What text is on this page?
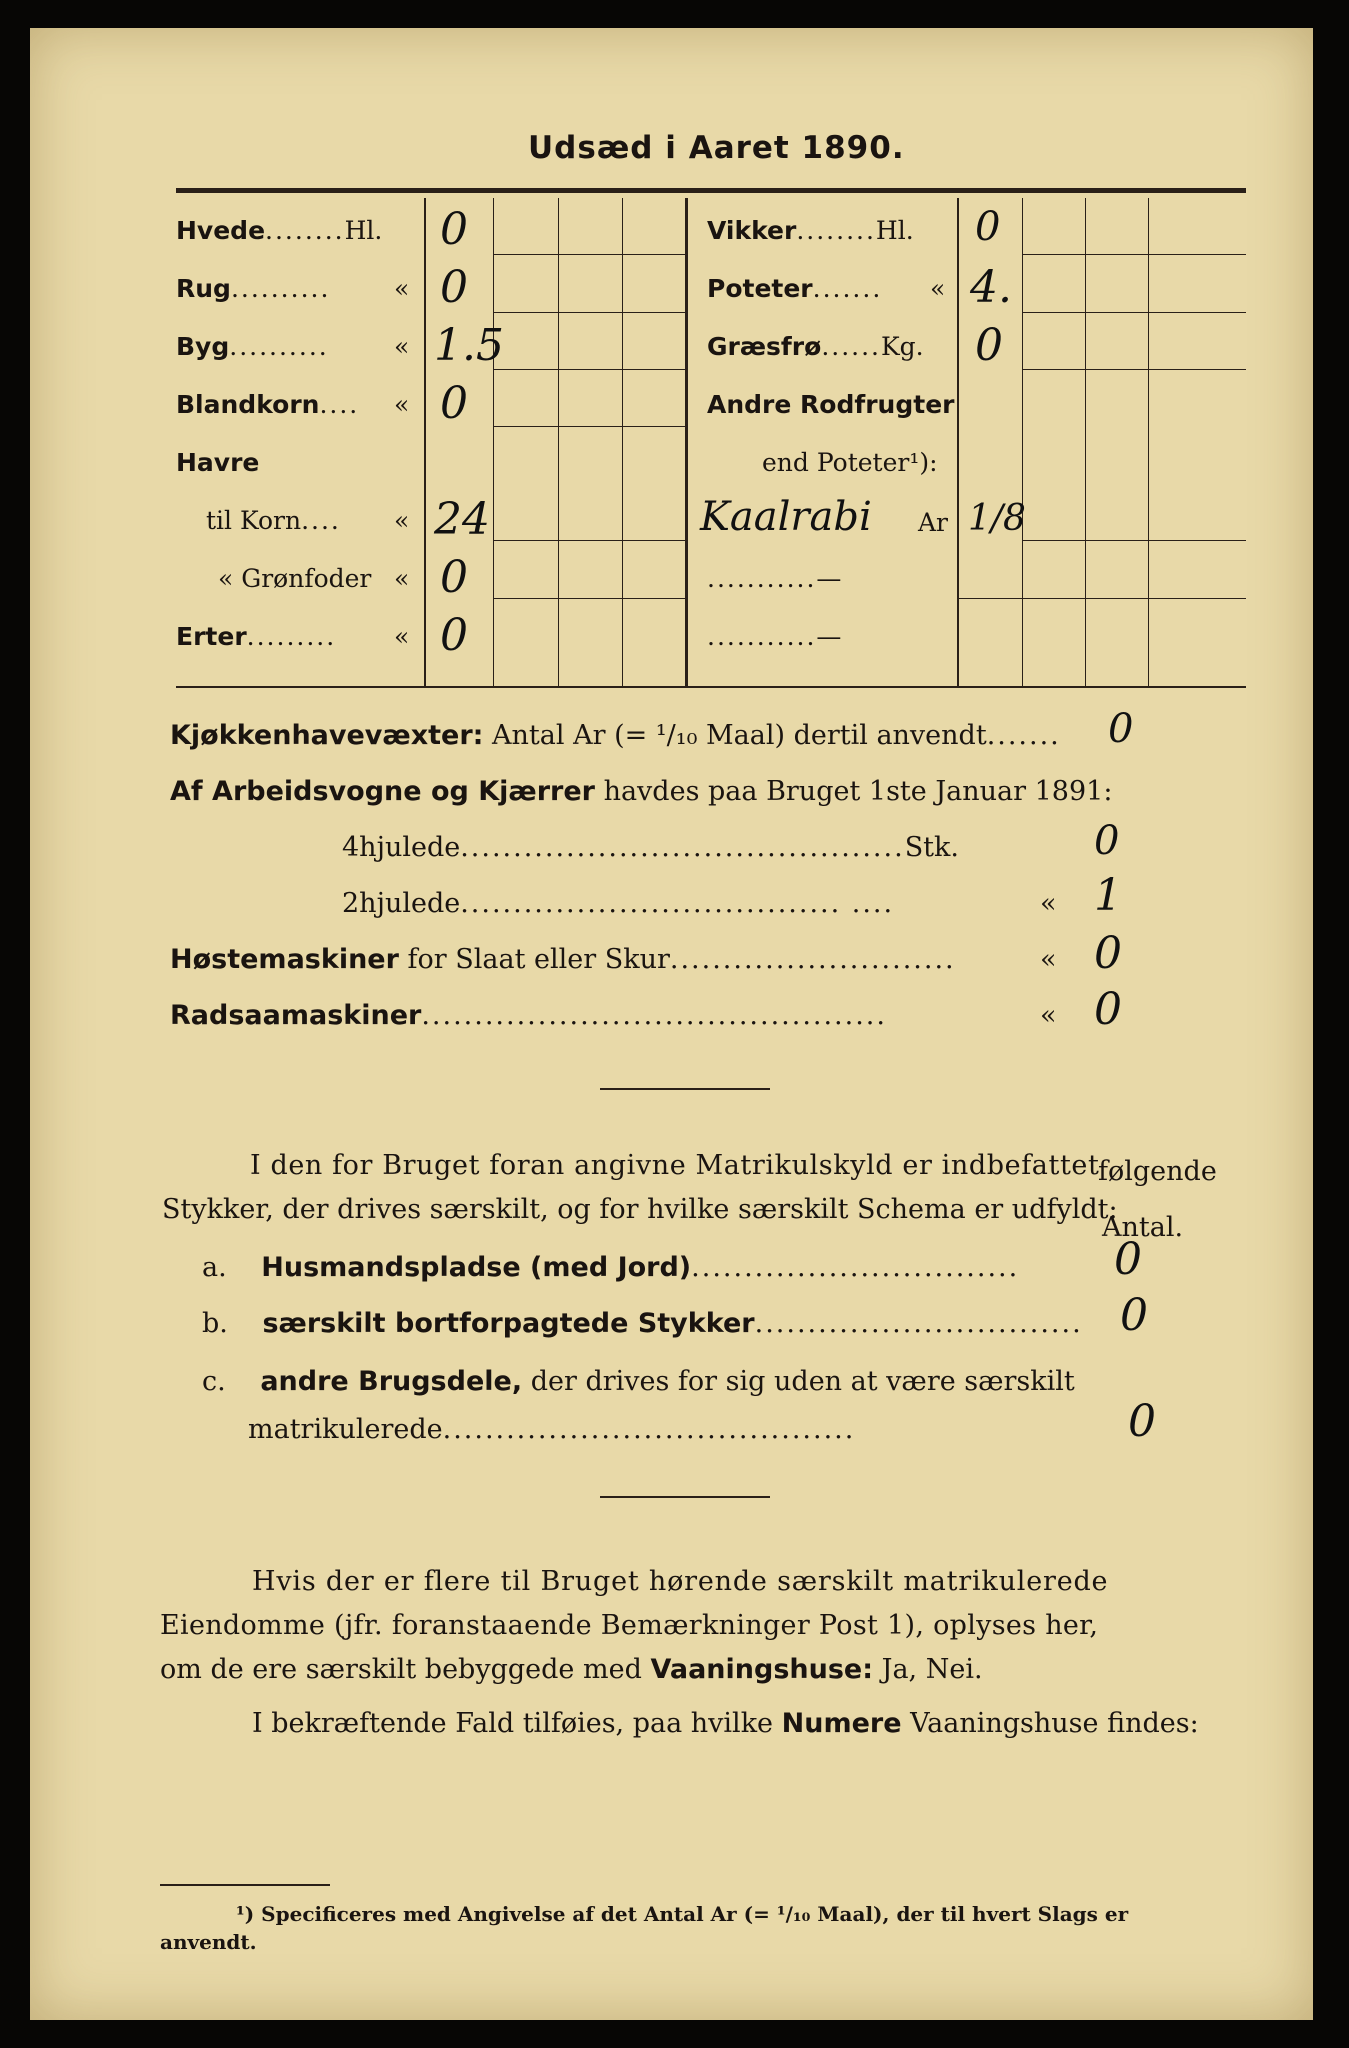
Udsæd i Aaret 1890.
Hvede........Hl.	0
Rug..........	« 0
Byg..........	« 1.5
Blandkorn.... « 0
Havre
til Korn.... « 24
« Grønfoder « 0
Erter......... « 0
Vikker........Hl. 0
Poteter....... « 4.
Græsfrø......Kg. 0
Andre Rodfrugter
end Poteter¹):
Kaalrabi Ar 1/8
...........—
...........—
Kjøkkenhavevæxter: Antal Ar (= ¹/₁₀ Maal) dertil anvendt....... 0
Af Arbeidsvogne og Kjærrer havdes paa Bruget 1ste Januar 1891:
4hjulede..........................................Stk.	0
2hjulede.................................... ....	« 1
Høstemaskiner for Slaat eller Skur...........................	« 0
Radsaamaskiner............................................	« 0
I den for Bruget foran angivne Matrikulskyld er indbefattet
følgende
Stykker, der drives særskilt, og for hvilke særskilt Schema er udfyldt:
Antal.
a. Husmandspladse (med Jord)............................... 0
b. særskilt bortforpagtede Stykker............................... 0
c. andre Brugsdele, der drives for sig uden at være særskilt
matrikulerede.......................................	0
Hvis der er flere til Bruget hørende særskilt matrikulerede
Eiendomme (jfr. foranstaaende Bemærkninger Post 1), oplyses her,
om de ere særskilt bebyggede med Vaaningshuse: Ja, Nei.
I bekræftende Fald tilføies, paa hvilke Numere Vaaningshuse findes:
¹) Specificeres med Angivelse af det Antal Ar (= ¹/₁₀ Maal), der til hvert Slags er
anvendt.
